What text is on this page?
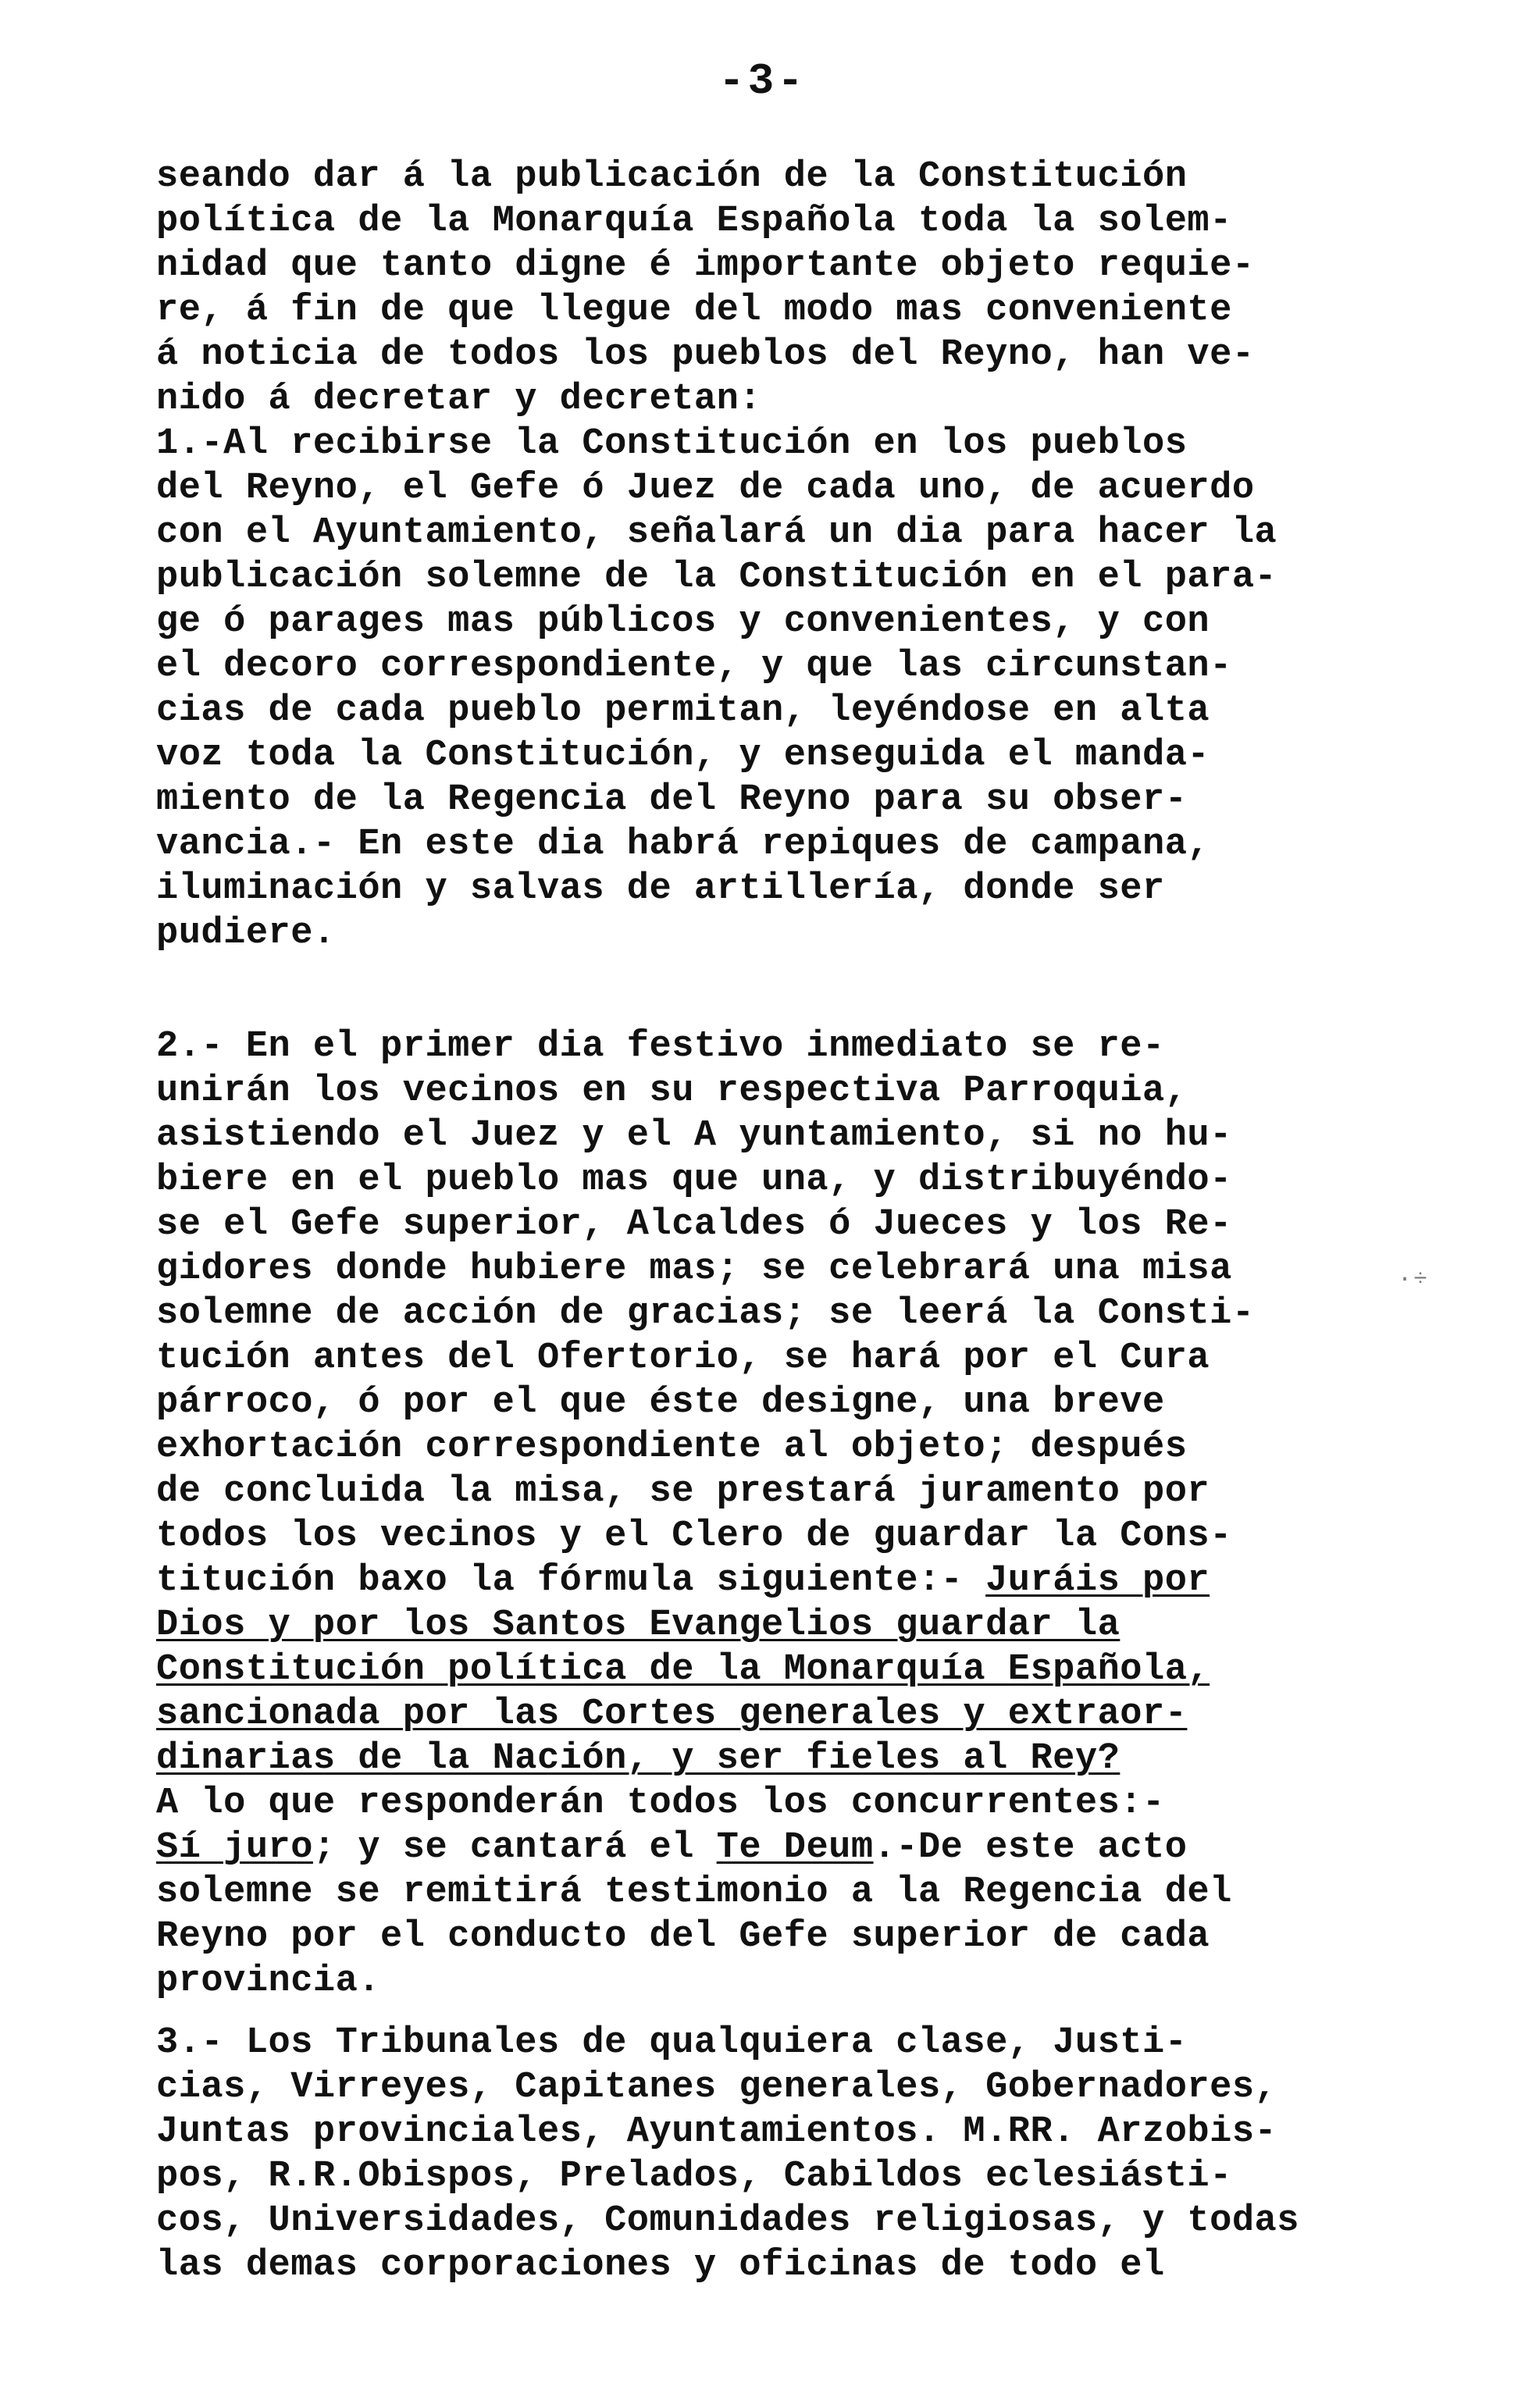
-3-
seando dar á la publicación de la Constitución
política de la Monarquía Española toda la solem-
nidad que tanto digne é importante objeto requie-
re, á fin de que llegue del modo mas conveniente
á noticia de todos los pueblos del Reyno, han ve-
nido á decretar y decretan:
1.-Al recibirse la Constitución en los pueblos
del Reyno, el Gefe ó Juez de cada uno, de acuerdo
con el Ayuntamiento, señalará un dia para hacer la
publicación solemne de la Constitución en el para-
ge ó parages mas públicos y convenientes, y con
el decoro correspondiente, y que las circunstan-
cias de cada pueblo permitan, leyéndose en alta
voz toda la Constitución, y enseguida el manda-
miento de la Regencia del Reyno para su obser-
vancia.- En este dia habrá repiques de campana,
iluminación y salvas de artillería, donde ser
pudiere.
2.- En el primer dia festivo inmediato se re-
unirán los vecinos en su respectiva Parroquia,
asistiendo el Juez y el A yuntamiento, si no hu-
biere en el pueblo mas que una, y distribuyéndo-
se el Gefe superior, Alcaldes ó Jueces y los Re-
gidores donde hubiere mas; se celebrará una misa
solemne de acción de gracias; se leerá la Consti-
tución antes del Ofertorio, se hará por el Cura
párroco, ó por el que éste designe, una breve
exhortación correspondiente al objeto; después
de concluida la misa, se prestará juramento por
todos los vecinos y el Clero de guardar la Cons-
titución baxo la fórmula siguiente:- Juráis por
Dios y por los Santos Evangelios guardar la
Constitución política de la Monarquía Española,
sancionada por las Cortes generales y extraor-
dinarias de la Nación, y ser fieles al Rey?
A lo que responderán todos los concurrentes:-
Sí juro; y se cantará el Te Deum.-De este acto
solemne se remitirá testimonio a la Regencia del
Reyno por el conducto del Gefe superior de cada
provincia.
3.- Los Tribunales de qualquiera clase, Justi-
cias, Virreyes, Capitanes generales, Gobernadores,
Juntas provinciales, Ayuntamientos. M.RR. Arzobis-
pos, R.R.Obispos, Prelados, Cabildos eclesiásti-
cos, Universidades, Comunidades religiosas, y todas
las demas corporaciones y oficinas de todo el
·÷
